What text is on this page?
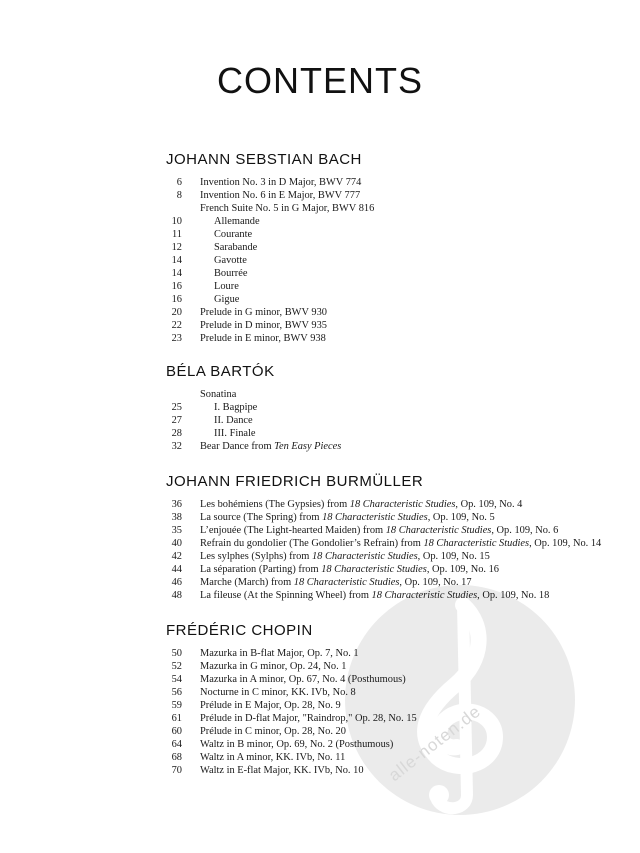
alle-noten.de
CONTENTS
JOHANN SEBSTIAN BACH
6 Invention No. 3 in D Major, BWV 774
8 Invention No. 6 in E Major, BWV 777
French Suite No. 5 in G Major, BWV 816
10	Allemande
11	Courante
12	Sarabande
14	Gavotte
14	Bourrée
16	Loure
16	Gigue
20 Prelude in G minor, BWV 930
22 Prelude in D minor, BWV 935
23 Prelude in E minor, BWV 938
BÉLA BARTÓK
Sonatina
25	I. Bagpipe
27	II. Dance
28	III. Finale
32 Bear Dance from Ten Easy Pieces
JOHANN FRIEDRICH BURMÜLLER
36 Les bohémiens (The Gypsies) from 18 Characteristic Studies, Op. 109, No. 4
38 La source (The Spring) from 18 Characteristic Studies, Op. 109, No. 5
35 L’enjouée (The Light-hearted Maiden) from 18 Characteristic Studies, Op. 109, No. 6
40 Refrain du gondolier (The Gondolier’s Refrain) from 18 Characteristic Studies, Op. 109, No. 14
42 Les sylphes (Sylphs) from 18 Characteristic Studies, Op. 109, No. 15
44 La séparation (Parting) from 18 Characteristic Studies, Op. 109, No. 16
46 Marche (March) from 18 Characteristic Studies, Op. 109, No. 17
48 La fileuse (At the Spinning Wheel) from 18 Characteristic Studies, Op. 109, No. 18
FRÉDÉRIC CHOPIN
50 Mazurka in B-flat Major, Op. 7, No. 1
52 Mazurka in G minor, Op. 24, No. 1
54 Mazurka in A minor, Op. 67, No. 4 (Posthumous)
56 Nocturne in C minor, KK. IVb, No. 8
59 Prélude in E Major, Op. 28, No. 9
61 Prélude in D-flat Major, "Raindrop," Op. 28, No. 15
60 Prélude in C minor, Op. 28, No. 20
64 Waltz in B minor, Op. 69, No. 2 (Posthumous)
68 Waltz in A minor, KK. IVb, No. 11
70 Waltz in E-flat Major, KK. IVb, No. 10
